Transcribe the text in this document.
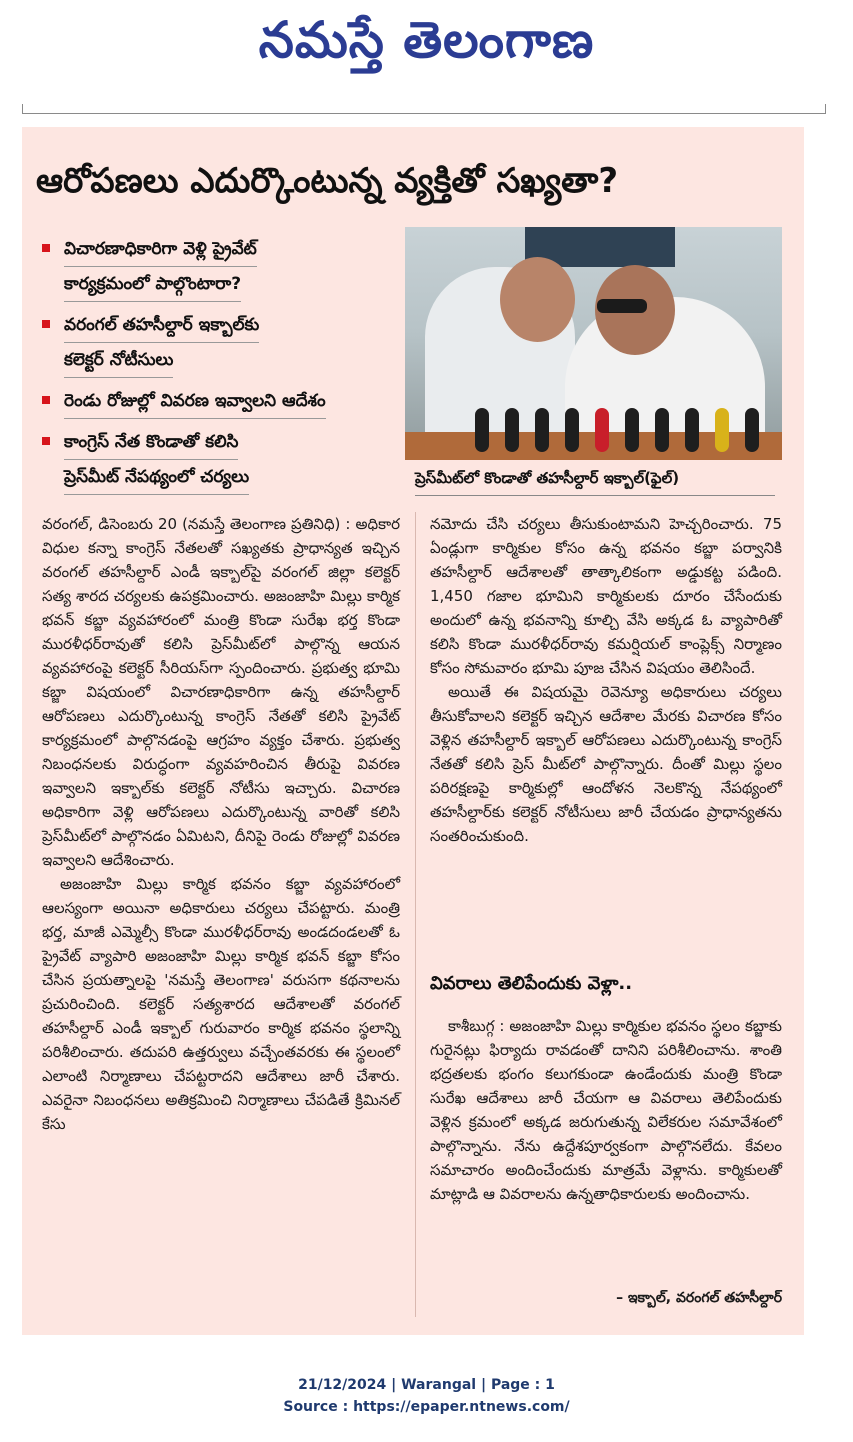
నమస్తే తెలంగాణ
ఆరోపణలు ఎదుర్కొంటున్న వ్యక్తితో సఖ్యతా?
విచారణాధికారిగా వెళ్లి ప్రైవేట్
కార్యక్రమంలో పాల్గొంటారా?
వరంగల్ తహసీల్దార్ ఇక్బాల్‌కు
కలెక్టర్ నోటీసులు
రెండు రోజుల్లో వివరణ ఇవ్వాలని ఆదేశం
కాంగ్రెస్ నేత కొండాతో కలిసి
ప్రెస్‌మీట్ నేపథ్యంలో చర్యలు	ప్రెస్‌మీట్‌లో కొండాతో తహసీల్దార్ ఇక్బాల్(ఫైల్)

వరంగల్, డిసెంబరు 20 (నమస్తే తెలంగాణ ప్రతినిధి) : అధికార విధుల కన్నా కాంగ్రెస్ నేతలతో సఖ్యతకు ప్రాధాన్యత ఇచ్చిన వరంగల్ తహసీల్దార్ ఎండీ ఇక్బాల్‌పై వరంగల్ జిల్లా కలెక్టర్ సత్య శారద చర్యలకు ఉపక్రమించారు. అజంజాహి మిల్లు కార్మిక భవన్ కబ్జా వ్యవహారంలో మంత్రి కొండా సురేఖ భర్త కొండా మురళీధర్‌రావుతో కలిసి ప్రెస్‌మీట్‌లో పాల్గొన్న ఆయన వ్యవహారంపై కలెక్టర్ సీరియస్‌గా స్పందించారు. ప్రభుత్వ భూమి కబ్జా విషయంలో విచారణాధికారిగా ఉన్న తహసీల్దార్ ఆరోపణలు ఎదుర్కొంటున్న కాంగ్రెస్ నేతతో కలిసి ప్రైవేట్ కార్యక్రమంలో పాల్గొనడంపై ఆగ్రహం వ్యక్తం చేశారు. ప్రభుత్వ నిబంధనలకు విరుద్ధంగా వ్యవహరించిన తీరుపై వివరణ ఇవ్వాలని ఇక్బాల్‌కు కలెక్టర్ నోటీసు ఇచ్చారు. విచారణ అధికారిగా వెళ్లి ఆరోపణలు ఎదుర్కొంటున్న వారితో కలిసి ప్రెస్‌మీట్‌లో పాల్గొనడం ఏమిటని, దీనిపై రెండు రోజుల్లో వివరణ ఇవ్వాలని ఆదేశించారు.

అజంజాహి మిల్లు కార్మిక భవనం కబ్జా వ్యవహారంలో ఆలస్యంగా అయినా అధికారులు చర్యలు చేపట్టారు. మంత్రి భర్త, మాజీ ఎమ్మెల్సీ కొండా మురళీధర్‌రావు అండదండలతో ఓ ప్రైవేట్ వ్యాపారి అజంజాహి మిల్లు కార్మిక భవన్ కబ్జా కోసం చేసిన ప్రయత్నాలపై 'నమస్తే తెలంగాణ' వరుసగా కథనాలను ప్రచురించింది. కలెక్టర్ సత్యశారద ఆదేశాలతో వరంగల్ తహసీల్దార్ ఎండీ ఇక్బాల్ గురువారం కార్మిక భవనం స్థలాన్ని పరిశీలించారు. తదుపరి ఉత్తర్వులు వచ్చేంతవరకు ఈ స్థలంలో ఎలాంటి నిర్మాణాలు చేపట్టరాదని ఆదేశాలు జారీ చేశారు. ఎవరైనా నిబంధనలు అతిక్రమించి నిర్మాణాలు చేపడితే క్రిమినల్ కేసు

నమోదు చేసి చర్యలు తీసుకుంటామని హెచ్చరించారు. 75 ఏండ్లుగా కార్మికుల కోసం ఉన్న భవనం కబ్జా పర్వానికి తహసీల్దార్ ఆదేశాలతో తాత్కాలికంగా అడ్డుకట్ట పడింది. 1,450 గజాల భూమిని కార్మికులకు దూరం చేసేందుకు అందులో ఉన్న భవనాన్ని కూల్చి వేసి అక్కడ ఓ వ్యాపారితో కలిసి కొండా మురళీధర్‌రావు కమర్షియల్ కాంప్లెక్స్ నిర్మాణం కోసం సోమవారం భూమి పూజ చేసిన విషయం తెలిసిందే.

అయితే ఈ విషయమై రెవెన్యూ అధికారులు చర్యలు తీసుకోవాలని కలెక్టర్ ఇచ్చిన ఆదేశాల మేరకు విచారణ కోసం వెళ్లిన తహసీల్దార్ ఇక్బాల్ ఆరోపణలు ఎదుర్కొంటున్న కాంగ్రెస్ నేతతో కలిసి ప్రెస్ మీట్‌లో పాల్గొన్నారు. దీంతో మిల్లు స్థలం పరిరక్షణపై కార్మికుల్లో ఆందోళన నెలకొన్న నేపథ్యంలో తహసీల్దార్‌కు కలెక్టర్ నోటీసులు జారీ చేయడం ప్రాధాన్యతను సంతరించుకుంది.

వివరాలు తెలిపేందుకు వెళ్లా..

కాశీబుగ్గ : అజంజాహి మిల్లు కార్మికుల భవనం స్థలం కబ్జాకు గురైనట్లు ఫిర్యాదు రావడంతో దానిని పరిశీలించాను. శాంతి భద్రతలకు భంగం కలుగకుండా ఉండేందుకు మంత్రి కొండా సురేఖ ఆదేశాలు జారీ చేయగా ఆ వివరాలు తెలిపేందుకు వెళ్లిన క్రమంలో అక్కడ జరుగుతున్న విలేకరుల సమావేశంలో పాల్గొన్నాను. నేను ఉద్దేశపూర్వకంగా పాల్గొనలేదు. కేవలం సమాచారం అందించేందుకు మాత్రమే వెళ్లాను. కార్మికులతో మాట్లాడి ఆ వివరాలను ఉన్నతాధికారులకు అందించాను.

– ఇక్బాల్, వరంగల్ తహసీల్దార్
21/12/2024 | Warangal | Page : 1
Source : https://epaper.ntnews.com/
